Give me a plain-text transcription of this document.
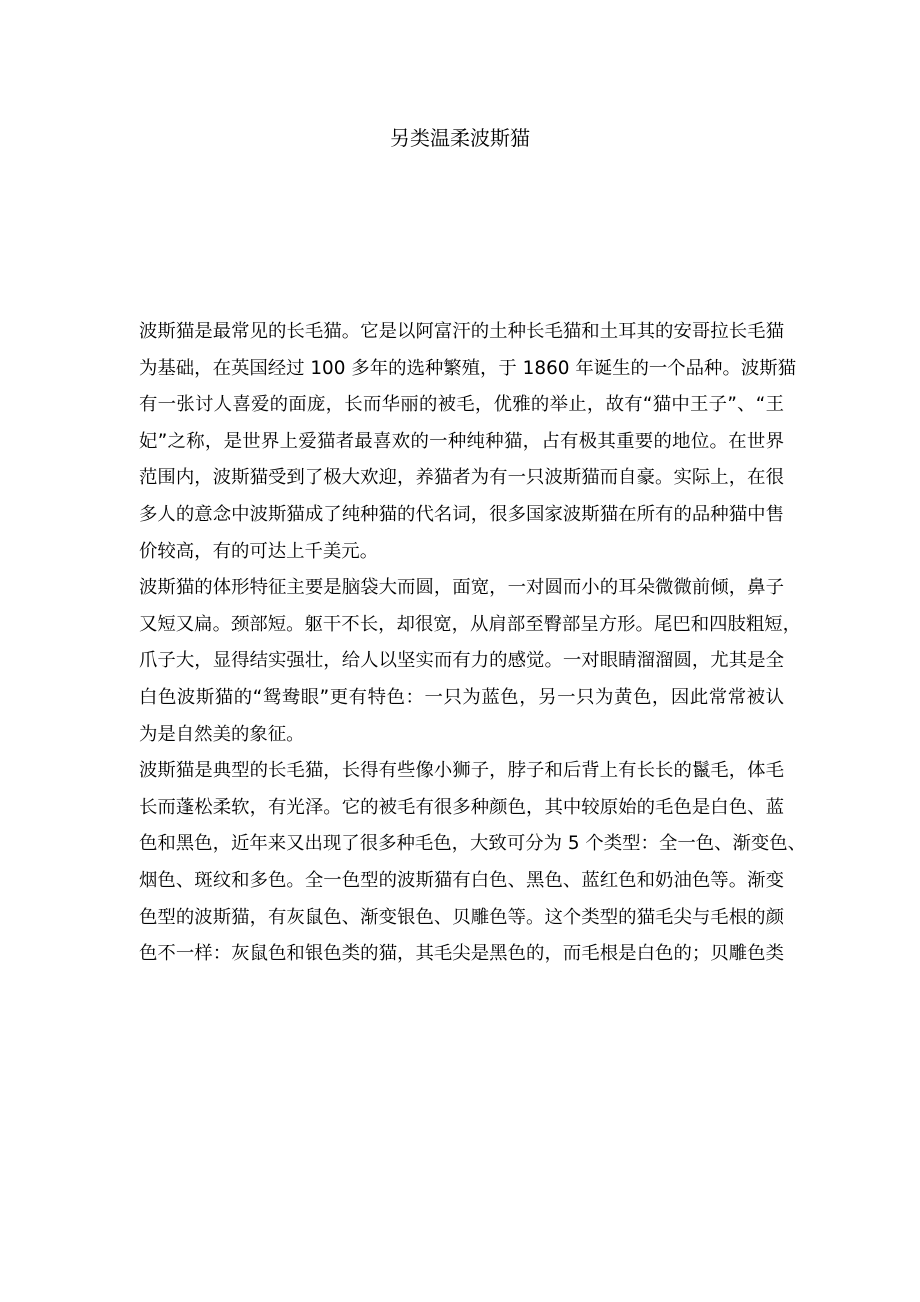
另类温柔波斯猫

波斯猫是最常见的长毛猫。它是以阿富汗的土种长毛猫和土耳其的安哥拉长毛猫
为基础，在英国经过 100 多年的选种繁殖，于 1860 年诞生的一个品种。波斯猫
有一张讨人喜爱的面庞，长而华丽的被毛，优雅的举止，故有“猫中王子”、“王
妃”之称，是世界上爱猫者最喜欢的一种纯种猫，占有极其重要的地位。在世界
范围内，波斯猫受到了极大欢迎，养猫者为有一只波斯猫而自豪。实际上，在很
多人的意念中波斯猫成了纯种猫的代名词，很多国家波斯猫在所有的品种猫中售
价较高，有的可达上千美元。

波斯猫的体形特征主要是脑袋大而圆，面宽，一对圆而小的耳朵微微前倾，鼻子
又短又扁。颈部短。躯干不长，却很宽，从肩部至臀部呈方形。尾巴和四肢粗短，
爪子大，显得结实强壮，给人以坚实而有力的感觉。一对眼睛溜溜圆，尤其是全
白色波斯猫的“鸳鸯眼”更有特色：一只为蓝色，另一只为黄色，因此常常被认
为是自然美的象征。

波斯猫是典型的长毛猫，长得有些像小狮子，脖子和后背上有长长的鬣毛，体毛
长而蓬松柔软，有光泽。它的被毛有很多种颜色，其中较原始的毛色是白色、蓝
色和黑色，近年来又出现了很多种毛色，大致可分为 5 个类型：全一色、渐变色、
烟色、斑纹和多色。全一色型的波斯猫有白色、黑色、蓝红色和奶油色等。渐变
色型的波斯猫，有灰鼠色、渐变银色、贝雕色等。这个类型的猫毛尖与毛根的颜
色不一样：灰鼠色和银色类的猫，其毛尖是黑色的，而毛根是白色的；贝雕色类
